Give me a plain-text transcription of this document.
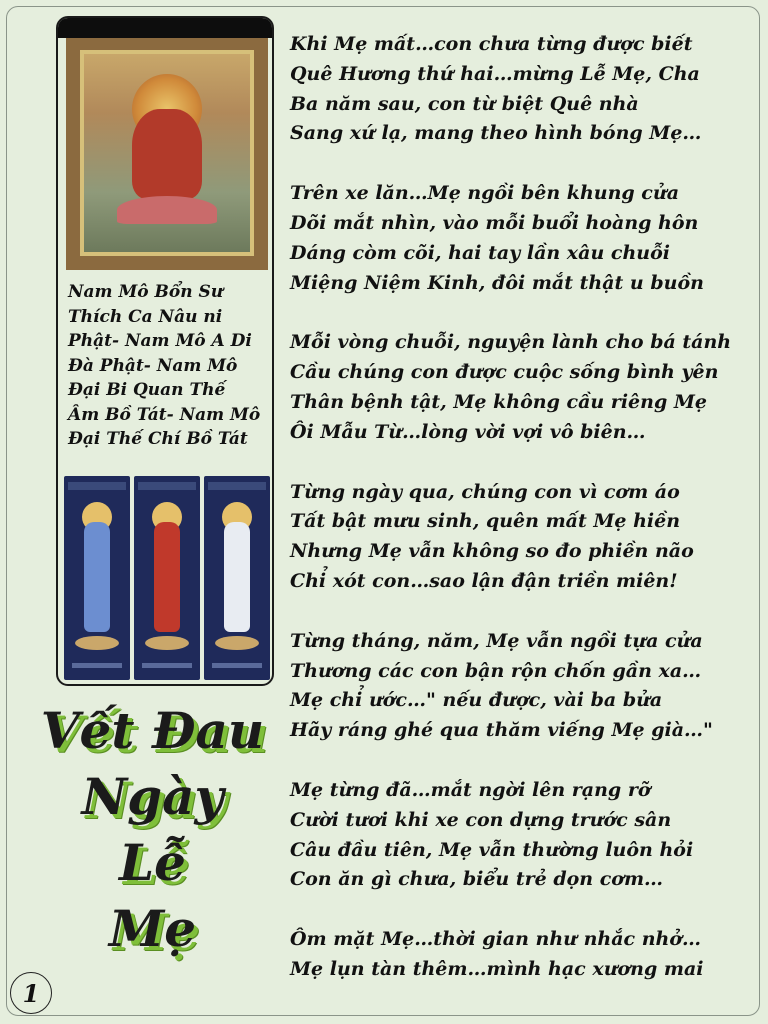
Nam Mô Bổn Sư
Thích Ca Nâu ni
Phật- Nam Mô A Di
Đà Phật- Nam Mô
Đại Bi Quan Thế
Âm Bồ Tát- Nam Mô
Đại Thế Chí Bồ Tát
Vết Đau
Ngày
Lễ
Mẹ
1
Khi Mẹ mất…con chưa từng được biết
Quê Hương thứ hai…mừng Lễ Mẹ, Cha
Ba năm sau, con từ biệt Quê nhà
Sang xứ lạ, mang theo hình bóng Mẹ…
Trên xe lăn…Mẹ ngồi bên khung cửa
Dõi mắt nhìn, vào mỗi buổi hoàng hôn
Dáng còm cõi, hai tay lần xâu chuỗi
Miệng Niệm Kinh, đôi mắt thật u buồn
Mỗi vòng chuỗi, nguyện lành cho bá tánh
Cầu chúng con được cuộc sống bình yên
Thân bệnh tật, Mẹ không cầu riêng Mẹ
Ôi Mẫu Từ…lòng vời vợi vô biên…
Từng ngày qua, chúng con vì cơm áo
Tất bật mưu sinh, quên mất Mẹ hiền
Nhưng Mẹ vẫn không so đo phiền não
Chỉ xót con…sao lận đận triền miên!
Từng tháng, năm, Mẹ vẫn ngồi tựa cửa
Thương các con bận rộn chốn gần xa…
Mẹ chỉ ước…" nếu được, vài ba bửa
Hãy ráng ghé qua thăm viếng Mẹ già…"
Mẹ từng đã…mắt ngời lên rạng rỡ
Cười tươi khi xe con dựng trước sân
Câu đầu tiên, Mẹ vẫn thường luôn hỏi
Con ăn gì chưa, biểu trẻ dọn cơm…
Ôm mặt Mẹ…thời gian như nhắc nhở…
Mẹ lụn tàn thêm…mình hạc xương mai
